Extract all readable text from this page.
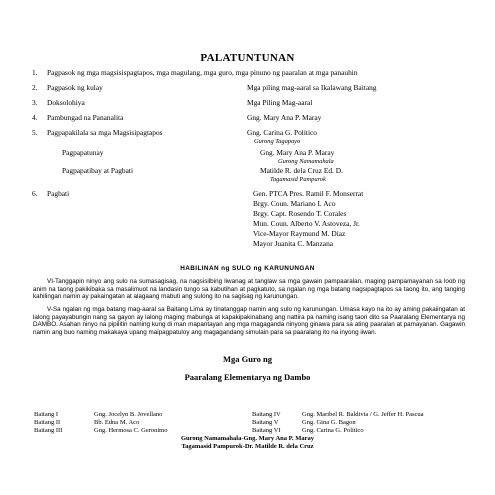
PALATUNTUNAN
1. Pagpasok ng mga magsisispagtapos, mga magulang, mga guro, mga pinuno ng paaralan at mga panauhin
2. Pagpasok ng kulay	Mga piling mag-aaral sa Ikalawang Baitang
3. Doksolohiya	Mga Piling Mag-aaral
4. Pambungad na Pananalita	Gng. Mary Ana P. Maray
5. Pagpapakilala sa mga Magsisipagtapos	Gng. Carina G. Politico
Gurong Tagapayo
Pagpapatunay	Gng. Mary Ana P. Maray
Gurong Namamahala
Pagpapatibay at Pagbati	Matilde R. dela Cruz Ed. D.
Tagamasid Pampurok
6. Pagbati	Gen. PTCA Pres. Ramil F. Monserrat
Brgy. Coun. Mariano I. Aco
Brgy. Capt. Rosendo T. Corales
Mun. Coun. Alberto V. Astoveza, Jr.
Vice-Mayor Raymund M. Diaz
Mayor Juanita C. Manzana
HABILINAN ng SULO ng KARUNUNGAN

VI-Tanggapin ninyo ang sulo na sumasagisag, na nagsisilbing liwanag at tanglaw sa mga gawain pampaaralan, maging pampamayanan sa loob ng anim na taong pakikibaka sa masalimuot na landasin tungo sa kabutihan at pagkatuto, sa ngalan ng mga batang nagsipagtapos sa taong ito, ang tanging kahilingan namin ay pakaingatan at alagaang mabuti ang sulong ito na sagisag ng karunungan.

V-Sa ngalan ng mga batang mag-aaral sa Baitang Lima ay tinatanggap namin ang sulo ng karunungan. Umasa kayo na ito ay aming pakaiingatan at lalong payayabungin nang sa gayon ay lalong maging mabunga at kapakipakinabang ang nattira pa naming isang taon dito sa Paaralang Elementarya ng DAMBO. Asahan ninyo na pipilitin naming kung di man mapantayan ang mga magaganda ninyong ginawa para sa ating paaralan at pamayanan. Gagawin namin ang buo naming makakaya upang maipagpatuloy ang magagandang simulain para sa paaralang ito na inyong iiwan.

Mga Guro ng
Paaralang Elementarya ng Dambo
Baitang I	Gng. Jocelyn B. Jovellano	Baitang IV	Gng. Maribel R. Baldivia / G. Jeffer H. Pascua
Baitang II	Bb. Edna M. Aco	Baitang V	Gng. Gina G. Bagon
Baitang III	Gng. Hermosa C. Geronimo	Baitang VI	Gng. Carina G. Politico
Gurong Namamahala-Gng. Mary Ana P. Maray
Tagamasid Pampurok-Dr. Matilde R. dela Cruz
